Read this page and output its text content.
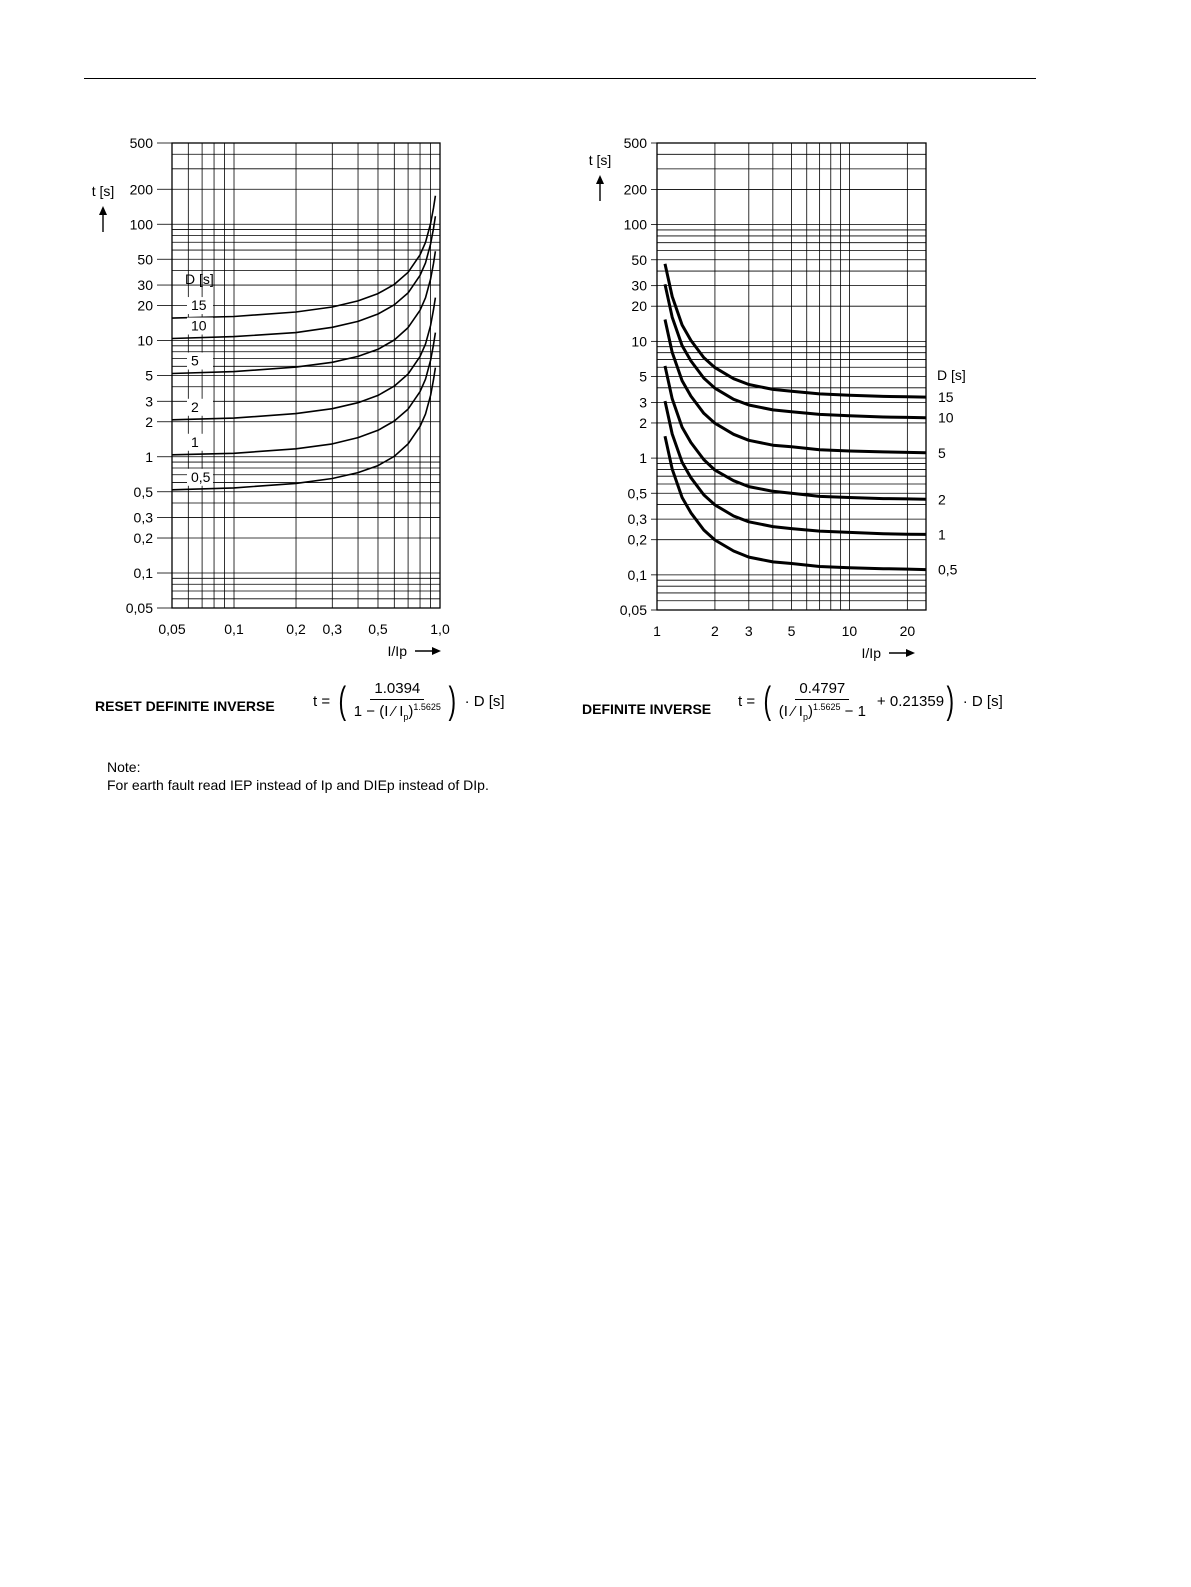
500
200
100
50
30
20
10
5
3
2
1
0,5
0,3
0,2
0,1
0,05
0,05	0,1	0,2 0,3 0,5	1,0
I/Ip
t [s]
D [s]
15
10
5
2
1
0,5
500
200
100
50
30
20
10
5
3
2
1
0,5
0,3
0,2
0,1
0,05
1	2 3 5	10	20
I/Ip
t [s]
D [s]
15
10
5
2
1
0,5
RESET DEFINITE INVERSE	t = ( $\frac{1.0394}{1 - (I ⁄ I_p)^{1.5625}}$ ) · D [s]	DEFINITE INVERSE t = ( $\frac{0.4797}{(I ⁄ I_p)^{1.5625} - 1} + 0.21359$ ) · D [s]
Note:
For earth fault read IEP instead of Ip and DIEp instead of DIp.
